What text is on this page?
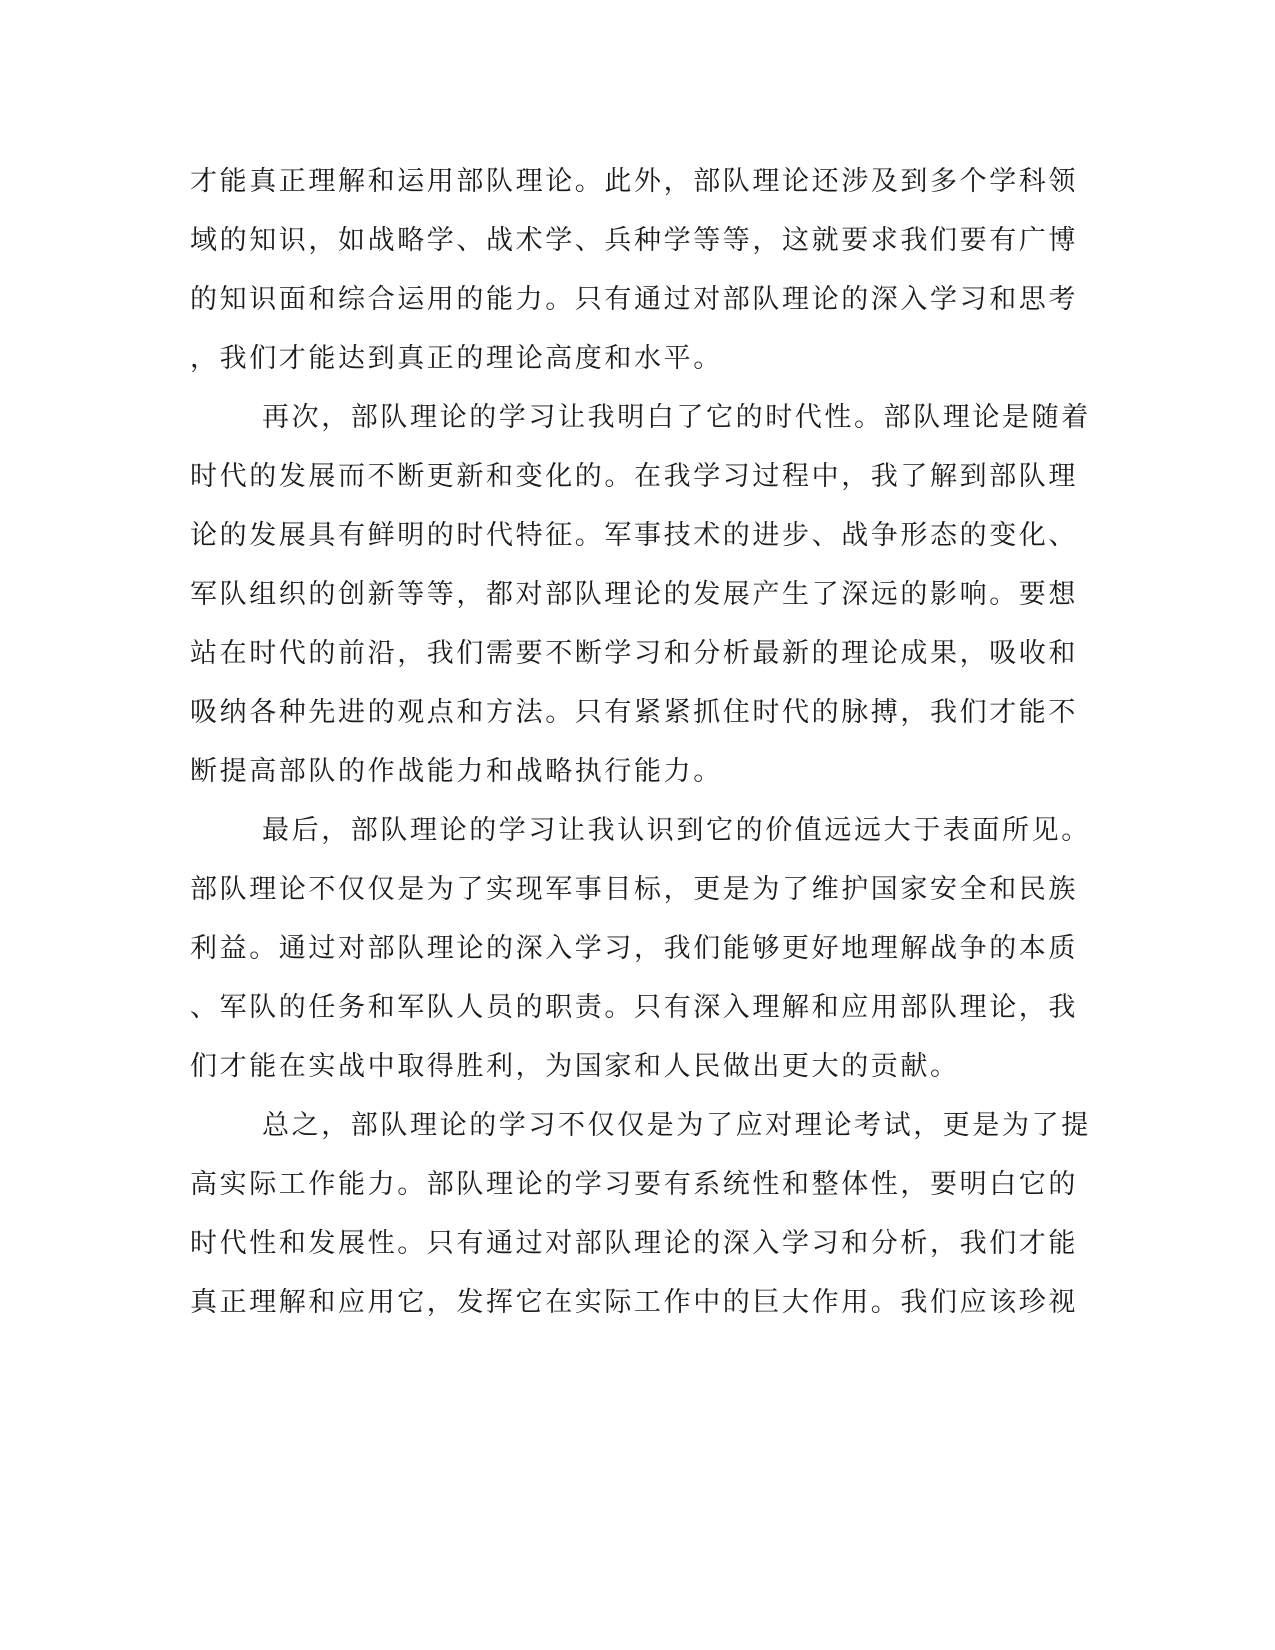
才能真正理解和运用部队理论。此外，部队理论还涉及到多个学科领

域的知识，如战略学、战术学、兵种学等等，这就要求我们要有广博

的知识面和综合运用的能力。只有通过对部队理论的深入学习和思考

，我们才能达到真正的理论高度和水平。

再次，部队理论的学习让我明白了它的时代性。部队理论是随着

时代的发展而不断更新和变化的。在我学习过程中，我了解到部队理

论的发展具有鲜明的时代特征。军事技术的进步、战争形态的变化、

军队组织的创新等等，都对部队理论的发展产生了深远的影响。要想

站在时代的前沿，我们需要不断学习和分析最新的理论成果，吸收和

吸纳各种先进的观点和方法。只有紧紧抓住时代的脉搏，我们才能不

断提高部队的作战能力和战略执行能力。

最后，部队理论的学习让我认识到它的价值远远大于表面所见。

部队理论不仅仅是为了实现军事目标，更是为了维护国家安全和民族

利益。通过对部队理论的深入学习，我们能够更好地理解战争的本质

、军队的任务和军队人员的职责。只有深入理解和应用部队理论，我

们才能在实战中取得胜利，为国家和人民做出更大的贡献。

总之，部队理论的学习不仅仅是为了应对理论考试，更是为了提

高实际工作能力。部队理论的学习要有系统性和整体性，要明白它的

时代性和发展性。只有通过对部队理论的深入学习和分析，我们才能

真正理解和应用它，发挥它在实际工作中的巨大作用。我们应该珍视
